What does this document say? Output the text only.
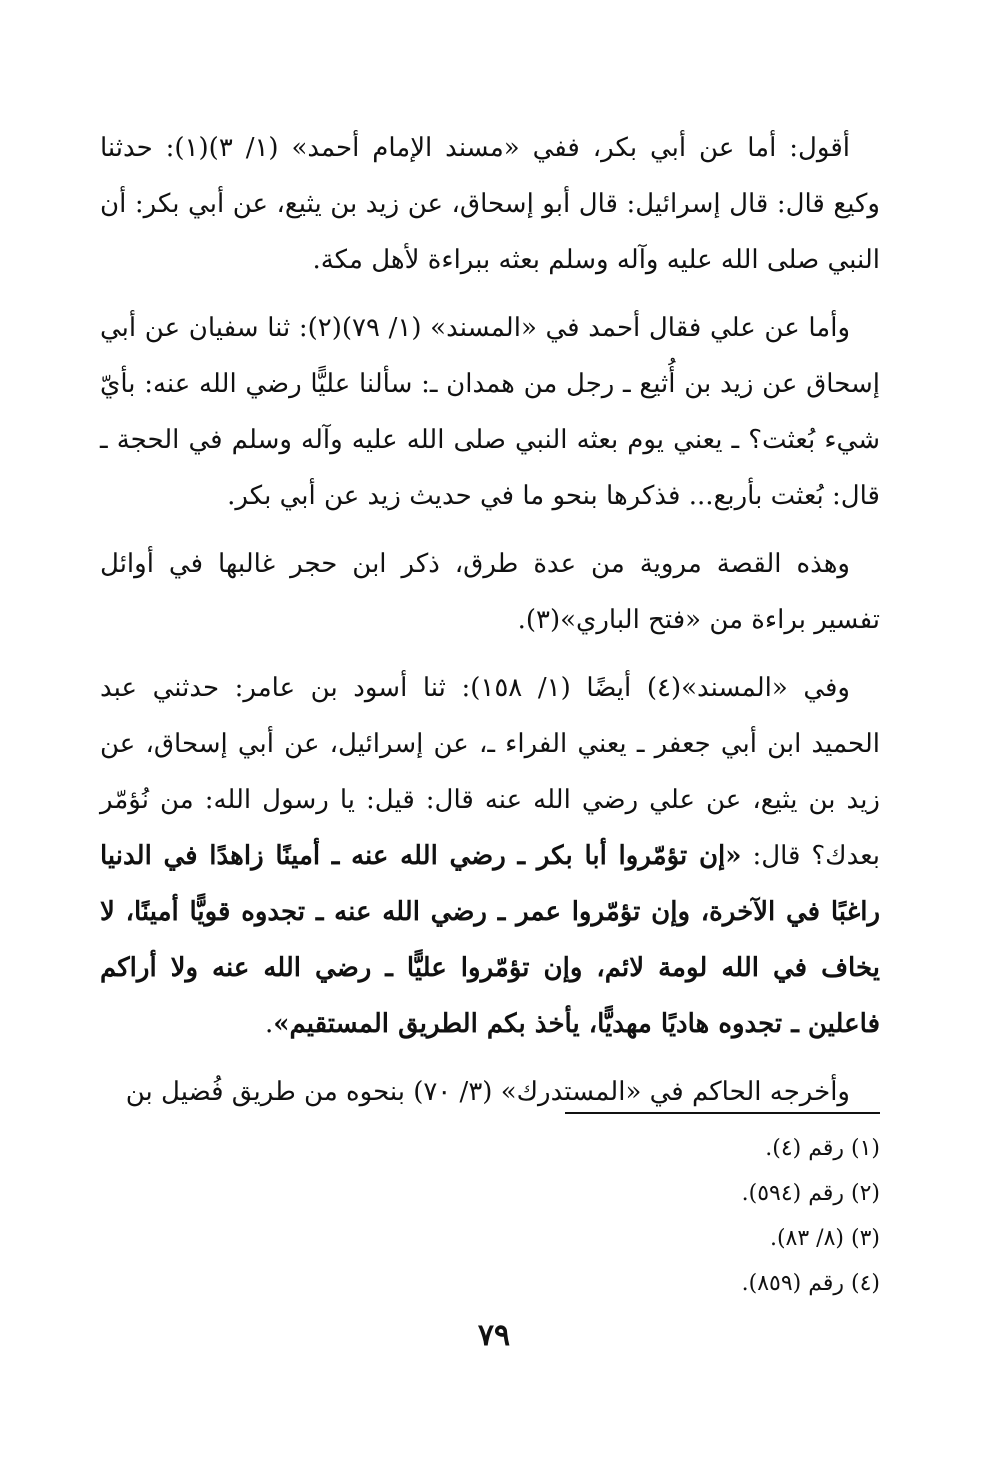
أقول: أما عن أبي بكر، ففي «مسند الإمام أحمد» (١/ ٣)(١): حدثنا وكيع قال: قال إسرائيل: قال أبو إسحاق، عن زيد بن يثيع، عن أبي بكر: أن النبي صلى الله عليه وآله وسلم بعثه ببراءة لأهل مكة.

وأما عن علي فقال أحمد في «المسند» (١/ ٧٩)(٢): ثنا سفيان عن أبي إسحاق عن زيد بن أُثيع ـ رجل من همدان ـ: سألنا عليًّا رضي الله عنه: بأيّ شيء بُعثت؟ ـ يعني يوم بعثه النبي صلى الله عليه وآله وسلم في الحجة ـ قال: بُعثت بأربع... فذكرها بنحو ما في حديث زيد عن أبي بكر.

وهذه القصة مروية من عدة طرق، ذكر ابن حجر غالبها في أوائل تفسير براءة من «فتح الباري»(٣).

وفي «المسند»(٤) أيضًا (١/ ١٥٨): ثنا أسود بن عامر: حدثني عبد الحميد ابن أبي جعفر ـ يعني الفراء ـ، عن إسرائيل، عن أبي إسحاق، عن زيد بن يثيع، عن علي رضي الله عنه قال: قيل: يا رسول الله: من نُؤمّر بعدك؟ قال: «إن تؤمّروا أبا بكر ـ رضي الله عنه ـ أمينًا زاهدًا في الدنيا راغبًا في الآخرة، وإن تؤمّروا عمر ـ رضي الله عنه ـ تجدوه قويًّا أمينًا، لا يخاف في الله لومة لائم، وإن تؤمّروا عليًّا ـ رضي الله عنه ولا أراكم فاعلين ـ تجدوه هاديًا مهديًّا، يأخذ بكم الطريق المستقيم».

وأخرجه الحاكم في «المستدرك» (٣/ ٧٠) بنحوه من طريق فُضيل بن

(١) رقم (٤).
(٢) رقم (٥٩٤).
(٣) (٨/ ٨٣).
(٤) رقم (٨٥٩).
٧٩
